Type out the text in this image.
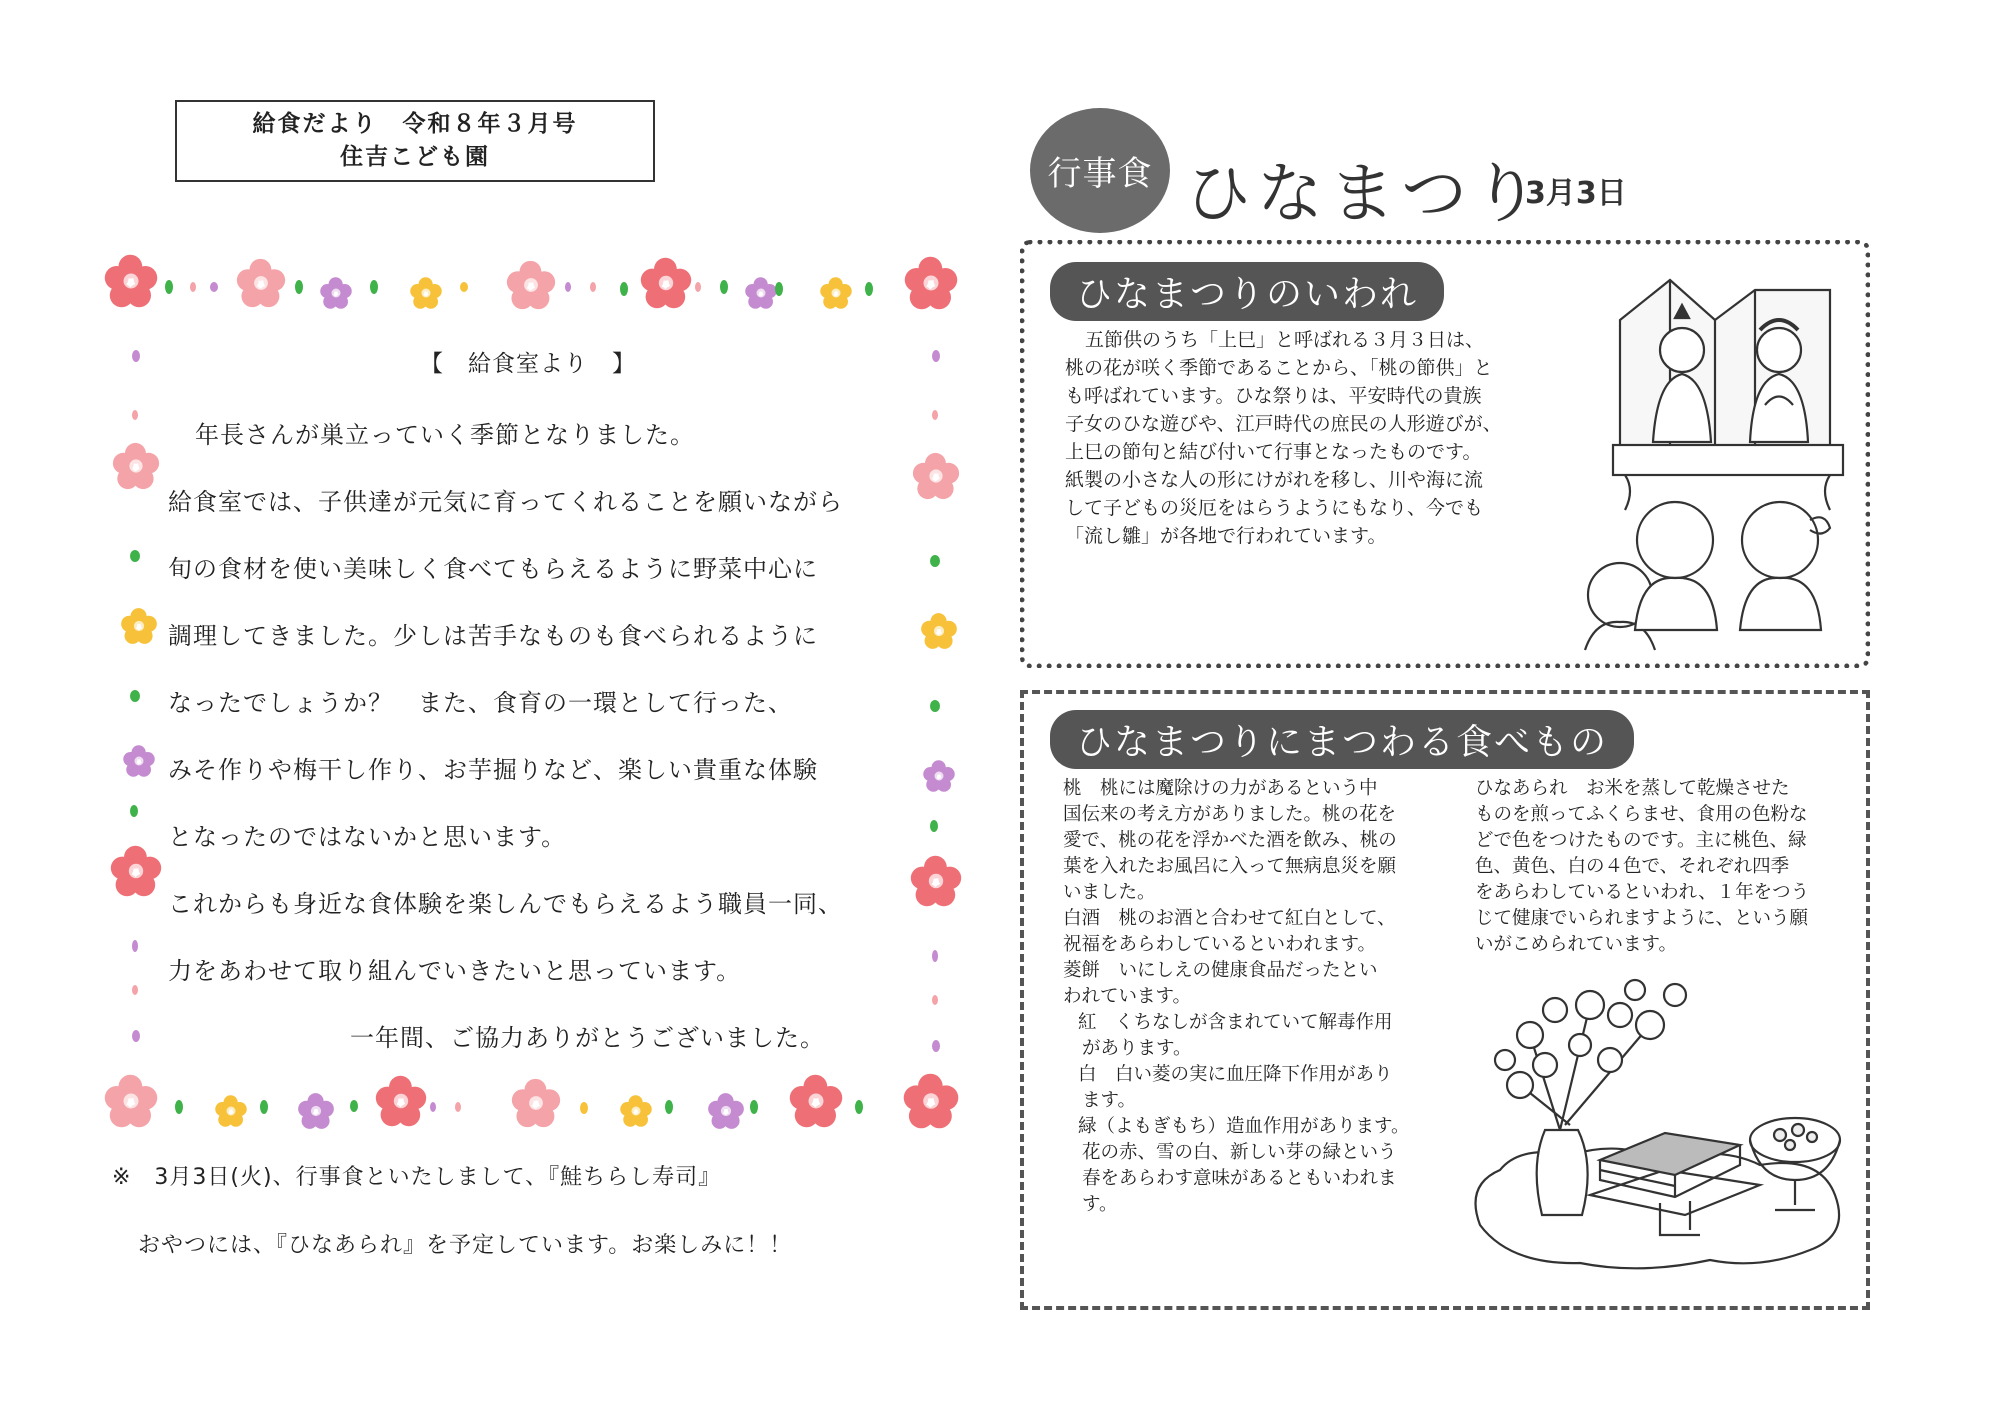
給食だより　令和８年３月号
住吉こども園
【　給食室より　】
年長さんが巣立っていく季節となりました。
給食室では、子供達が元気に育ってくれることを願いながら
旬の食材を使い美味しく食べてもらえるように野菜中心に
調理してきました。少しは苦手なものも食べられるように
なったでしょうか？　また、食育の一環として行った、
みそ作りや梅干し作り、お芋掘りなど、楽しい貴重な体験
となったのではないかと思います。
これからも身近な食体験を楽しんでもらえるよう職員一同、
力をあわせて取り組んでいきたいと思っています。
一年間、ご協力ありがとうございました。
※　3月3日(火)、行事食といたしまして、『鮭ちらし寿司』
おやつには、『ひなあられ』を予定しています。お楽しみに！！
行事食 ひなまつり
3月3日
ひなまつりのいわれ
五節供のうち「上巳」と呼ばれる３月３日は、
桃の花が咲く季節であることから、「桃の節供」と
も呼ばれています。ひな祭りは、平安時代の貴族
子女のひな遊びや、江戸時代の庶民の人形遊びが、
上巳の節句と結び付いて行事となったものです。
紙製の小さな人の形にけがれを移し、川や海に流
して子どもの災厄をはらうようにもなり、今でも
「流し雛」が各地で行われています。
ひなまつりにまつわる食べもの
桃　桃には魔除けの力があるという中
国伝来の考え方がありました。桃の花を
愛で、桃の花を浮かべた酒を飲み、桃の
葉を入れたお風呂に入って無病息災を願
いました。
白酒　桃のお酒と合わせて紅白として、
祝福をあらわしているといわれます。
菱餅　いにしえの健康食品だったとい
われています。
紅　くちなしが含まれていて解毒作用
があります。
白　白い菱の実に血圧降下作用があり
ます。
緑（よもぎもち）造血作用があります。
花の赤、雪の白、新しい芽の緑という
春をあらわす意味があるともいわれま
す。
ひなあられ　お米を蒸して乾燥させた
ものを煎ってふくらませ、食用の色粉な
どで色をつけたものです。主に桃色、緑
色、黄色、白の４色で、それぞれ四季
をあらわしているといわれ、１年をつう
じて健康でいられますように、という願
いがこめられています。
